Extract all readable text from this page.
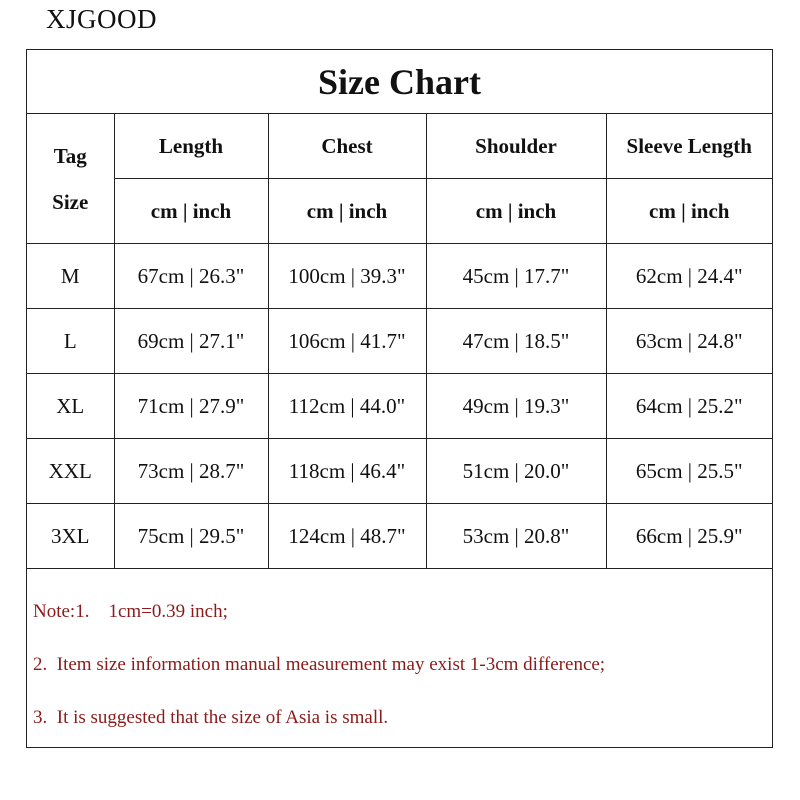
XJGOOD
Size Chart
Tag
Size	Length	Chest	Shoulder	Sleeve Length
	cm | inch	cm | inch	cm | inch	cm | inch
M	67cm | 26.3"	100cm | 39.3"	45cm | 17.7"	62cm | 24.4"
L	69cm | 27.1"	106cm | 41.7"	47cm | 18.5"	63cm | 24.8"
XL	71cm | 27.9"	112cm | 44.0"	49cm | 19.3"	64cm | 25.2"
XXL	73cm | 28.7"	118cm | 46.4"	51cm | 20.0"	65cm | 25.5"
3XL	75cm | 29.5"	124cm | 48.7"	53cm | 20.8"	66cm | 25.9"
Note:1.    1cm=0.39 inch;
2.  Item size information manual measurement may exist 1-3cm difference;
3.  It is suggested that the size of Asia is small.
